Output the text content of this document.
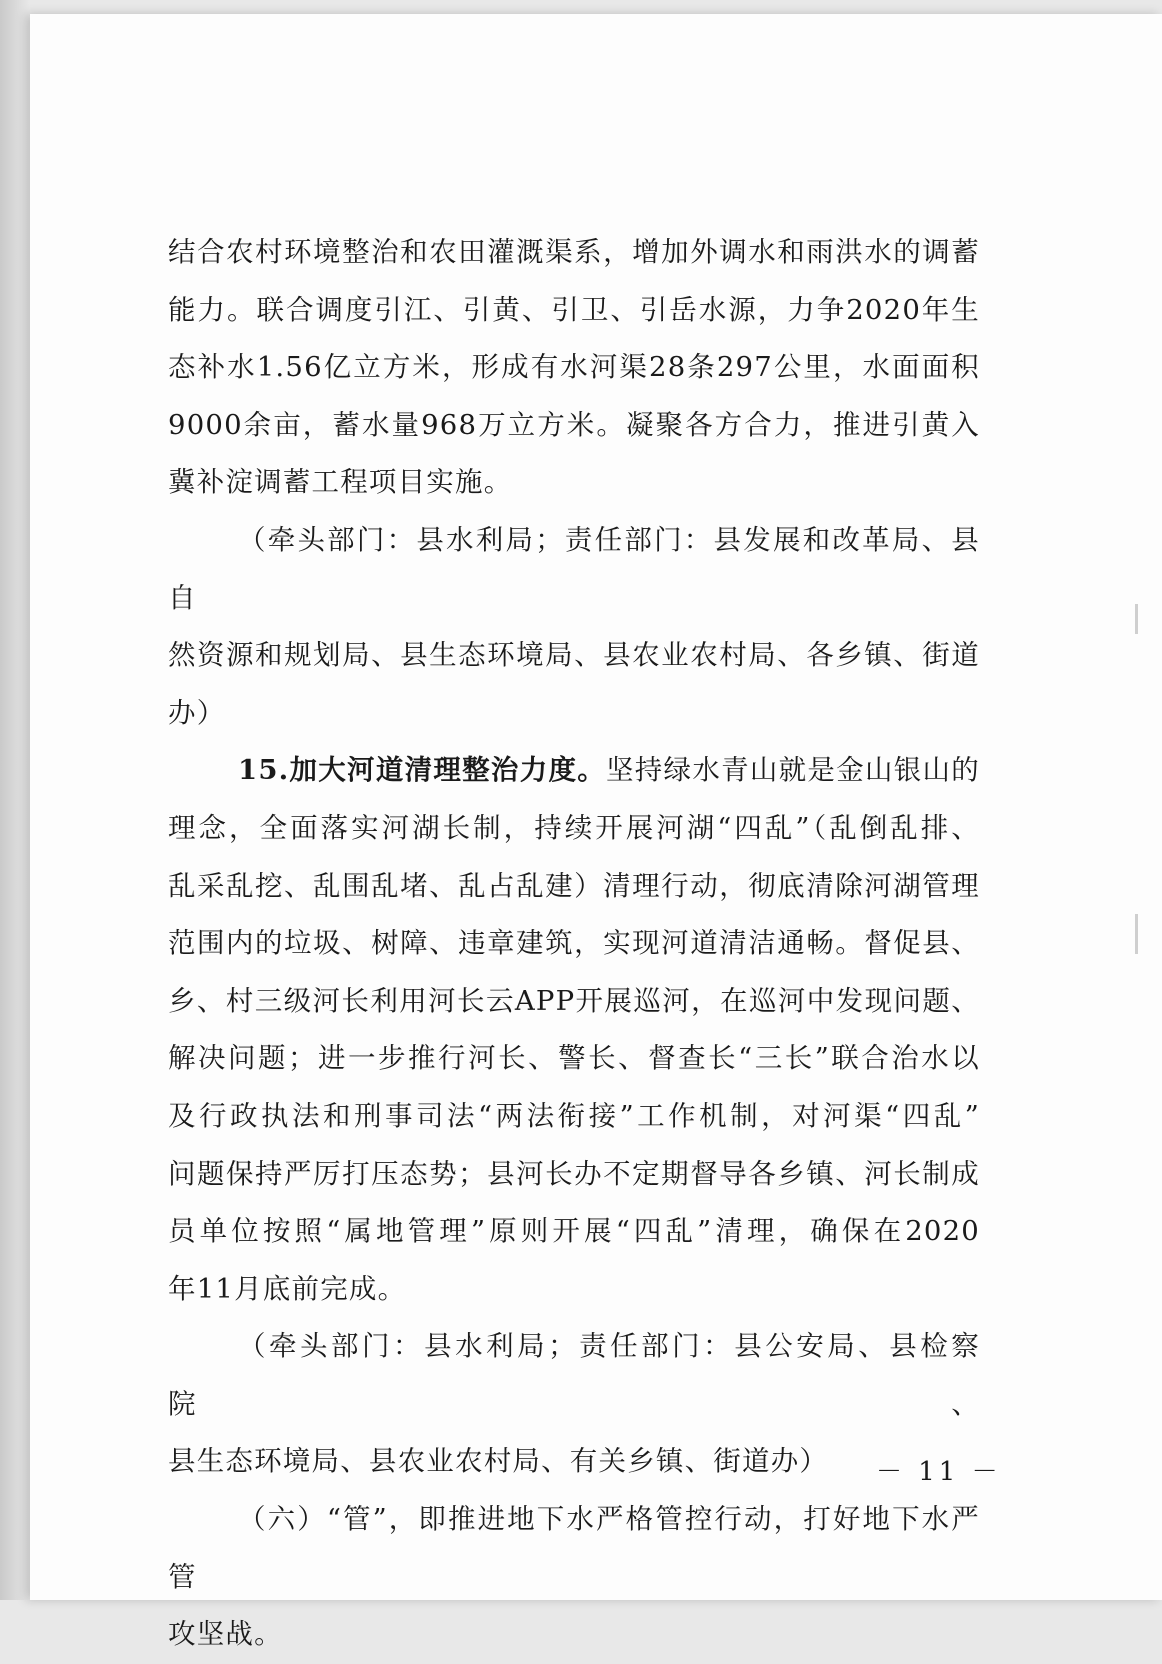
结合农村环境整治和农田灌溉渠系，增加外调水和雨洪水的调蓄
能力。联合调度引江、引黄、引卫、引岳水源，力争2020年生
态补水1.56亿立方米，形成有水河渠28条297公里，水面面积
9000余亩，蓄水量968万立方米。凝聚各方合力，推进引黄入
冀补淀调蓄工程项目实施。

（牵头部门：县水利局；责任部门：县发展和改革局、县自
然资源和规划局、县生态环境局、县农业农村局、各乡镇、街道
办）

15.加大河道清理整治力度。坚持绿水青山就是金山银山的
理念，全面落实河湖长制，持续开展河湖“四乱”（乱倒乱排、
乱采乱挖、乱围乱堵、乱占乱建）清理行动，彻底清除河湖管理
范围内的垃圾、树障、违章建筑，实现河道清洁通畅。督促县、
乡、村三级河长利用河长云APP开展巡河，在巡河中发现问题、
解决问题；进一步推行河长、警长、督查长“三长”联合治水以
及行政执法和刑事司法“两法衔接”工作机制，对河渠“四乱”
问题保持严厉打压态势；县河长办不定期督导各乡镇、河长制成
员单位按照“属地管理”原则开展“四乱”清理，确保在2020
年11月底前完成。

（牵头部门：县水利局；责任部门：县公安局、县检察院、
县生态环境局、县农业农村局、有关乡镇、街道办）

（六）“管”，即推进地下水严格管控行动，打好地下水严管
攻坚战。

－ 11 －
